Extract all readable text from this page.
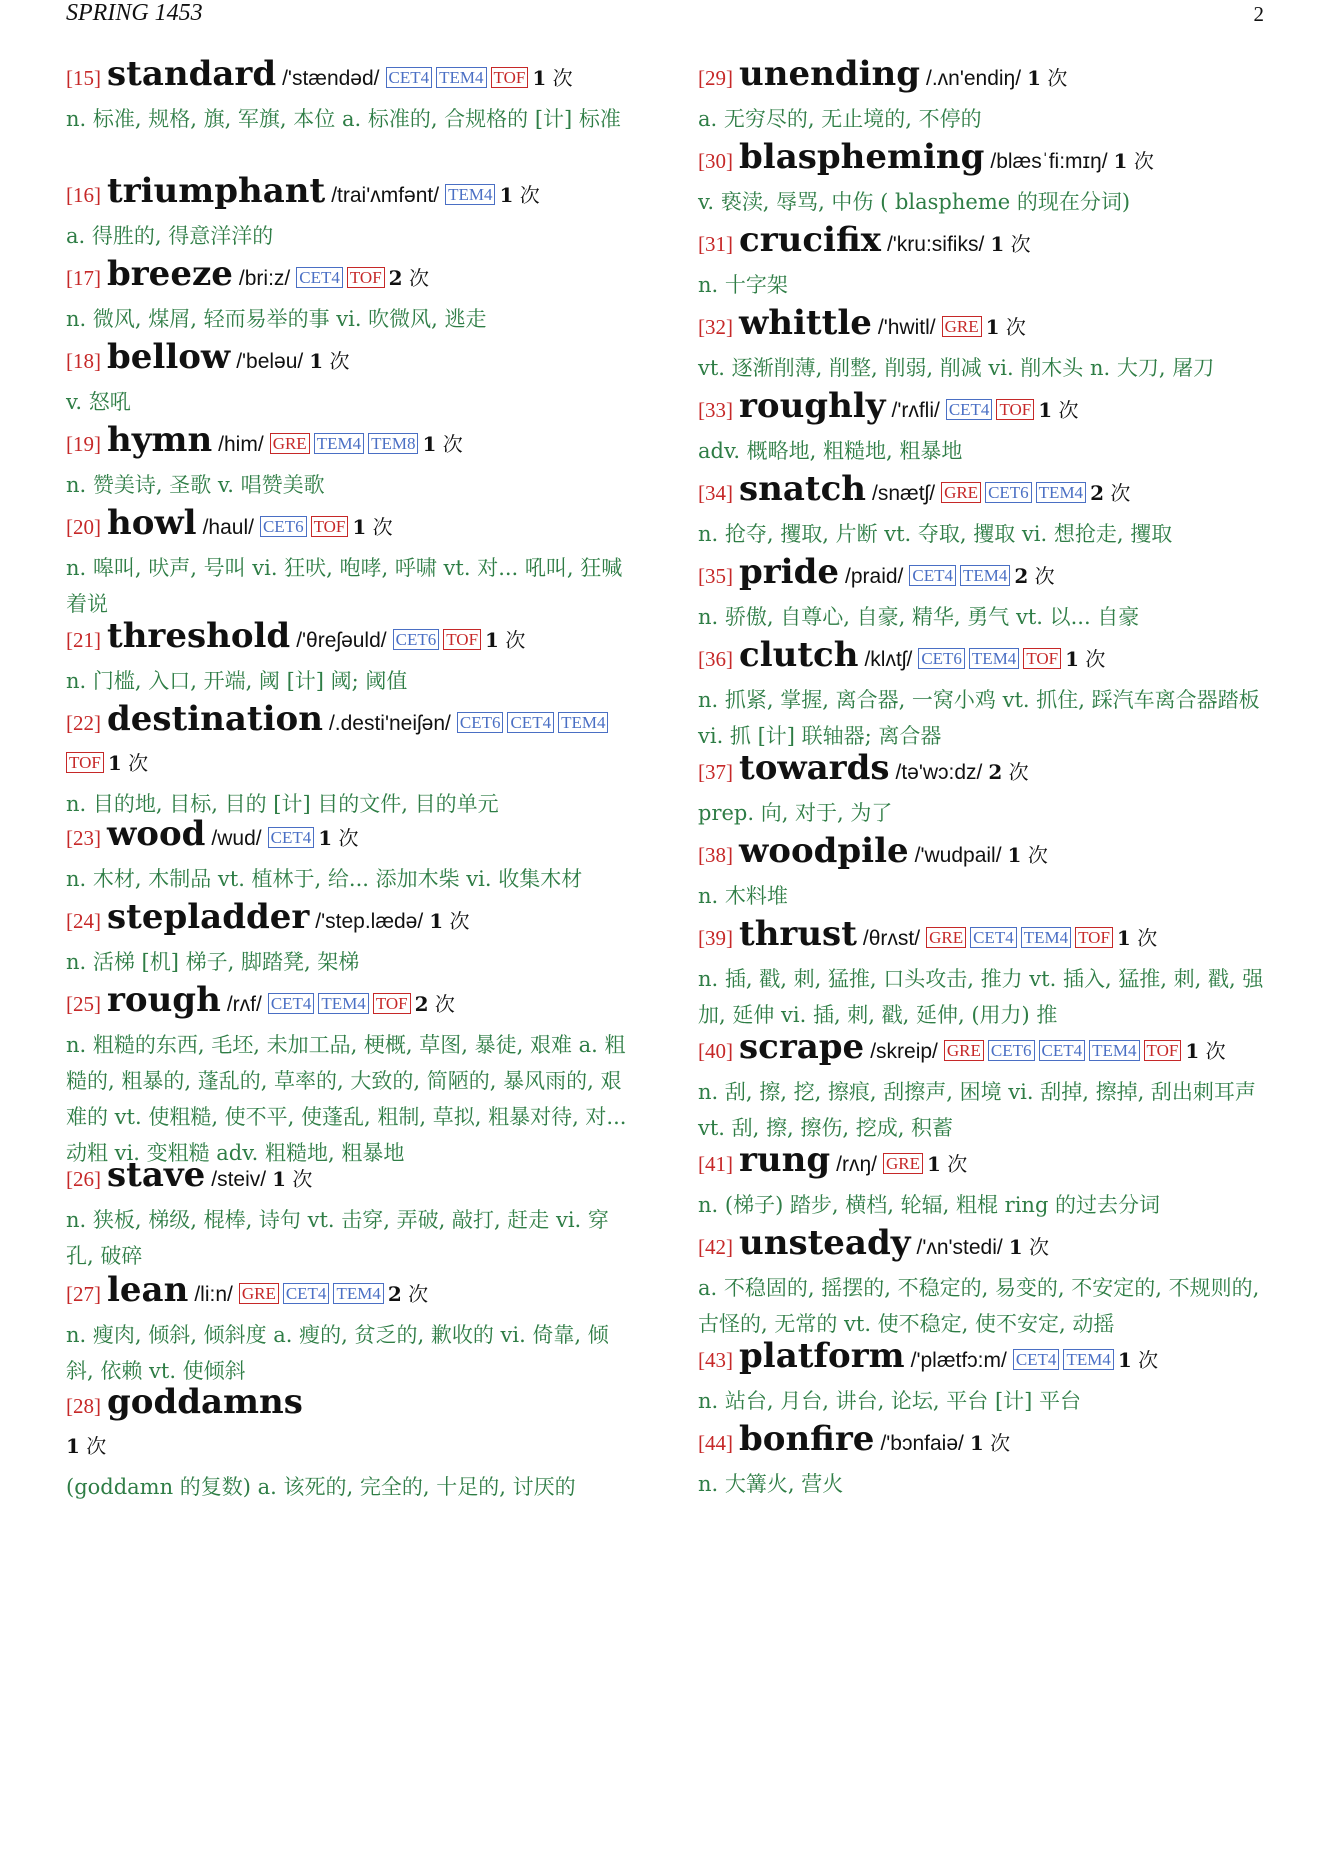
SPRING 1453	2
[15] standard /'stændəd/ CET4 TEM4 TOF 1 次
n. 标准, 规格, 旗, 军旗, 本位 a. 标准的, 合规格的 [计] 标准
[16] triumphant /trai'ʌmfənt/ TEM4 1 次
a. 得胜的, 得意洋洋的
[17] breeze /bri:z/ CET4 TOF 2 次
n. 微风, 煤屑, 轻而易举的事 vi. 吹微风, 逃走
[18] bellow /'beləu/ 1 次
v. 怒吼
[19] hymn /him/ GRE TEM4 TEM8 1 次
n. 赞美诗, 圣歌 v. 唱赞美歌
[20] howl /haul/ CET6 TOF 1 次
n. 嗥叫, 吠声, 号叫 vi. 狂吠, 咆哮, 呼啸 vt. 对... 吼叫, 狂喊着说
[21] threshold /'θreʃəuld/ CET6 TOF 1 次
n. 门槛, 入口, 开端, 阈 [计] 阈; 阈值
[22] destination /.desti'neiʃən/ CET6 CET4 TEM4TOF 1 次
n. 目的地, 目标, 目的 [计] 目的文件, 目的单元
[23] wood /wud/ CET4 1 次
n. 木材, 木制品 vt. 植林于, 给... 添加木柴 vi. 收集木材
[24] stepladder /'step.lædə/ 1 次
n. 活梯 [机] 梯子, 脚踏凳, 架梯
[25] rough /rʌf/ CET4 TEM4 TOF 2 次
n. 粗糙的东西, 毛坯, 未加工品, 梗概, 草图, 暴徒, 艰难 a. 粗糙的, 粗暴的, 蓬乱的, 草率的, 大致的, 简陋的, 暴风雨的, 艰难的 vt. 使粗糙, 使不平, 使蓬乱, 粗制, 草拟, 粗暴对待, 对... 动粗 vi. 变粗糙 adv. 粗糙地, 粗暴地
[26] stave /steiv/ 1 次
n. 狭板, 梯级, 棍棒, 诗句 vt. 击穿, 弄破, 敲打, 赶走 vi. 穿孔, 破碎
[27] lean /li:n/ GRE CET4 TEM4 2 次
n. 瘦肉, 倾斜, 倾斜度 a. 瘦的, 贫乏的, 歉收的 vi. 倚靠, 倾斜, 依赖 vt. 使倾斜
[28] goddamns
1 次
(goddamn 的复数) a. 该死的, 完全的, 十足的, 讨厌的
[29] unending /.ʌn'endiŋ/ 1 次
a. 无穷尽的, 无止境的, 不停的
[30] blaspheming /blæsˈfi:mɪŋ/ 1 次
v. 亵渎, 辱骂, 中伤 ( blaspheme 的现在分词)
[31] crucifix /'kru:sifiks/ 1 次
n. 十字架
[32] whittle /'hwitl/ GRE 1 次
vt. 逐渐削薄, 削整, 削弱, 削减 vi. 削木头 n. 大刀, 屠刀
[33] roughly /'rʌfli/ CET4 TOF 1 次
adv. 概略地, 粗糙地, 粗暴地
[34] snatch /snætʃ/ GRE CET6 TEM4 2 次
n. 抢夺, 攫取, 片断 vt. 夺取, 攫取 vi. 想抢走, 攫取
[35] pride /praid/ CET4 TEM4 2 次
n. 骄傲, 自尊心, 自豪, 精华, 勇气 vt. 以... 自豪
[36] clutch /klʌtʃ/ CET6 TEM4 TOF 1 次
n. 抓紧, 掌握, 离合器, 一窝小鸡 vt. 抓住, 踩汽车离合器踏板 vi. 抓 [计] 联轴器; 离合器
[37] towards /tə'wɔ:dz/ 2 次
prep. 向, 对于, 为了
[38] woodpile /'wudpail/ 1 次
n. 木料堆
[39] thrust /θrʌst/ GRE CET4 TEM4 TOF 1 次
n. 插, 戳, 刺, 猛推, 口头攻击, 推力 vt. 插入, 猛推, 刺, 戳, 强加, 延伸 vi. 插, 刺, 戳, 延伸, (用力) 推
[40] scrape /skreip/ GRE CET6 CET4 TEM4 TOF 1 次
n. 刮, 擦, 挖, 擦痕, 刮擦声, 困境 vi. 刮掉, 擦掉, 刮出刺耳声 vt. 刮, 擦, 擦伤, 挖成, 积蓄
[41] rung /rʌŋ/ GRE 1 次
n. (梯子) 踏步, 横档, 轮辐, 粗棍 ring 的过去分词
[42] unsteady /'ʌn'stedi/ 1 次
a. 不稳固的, 摇摆的, 不稳定的, 易变的, 不安定的, 不规则的, 古怪的, 无常的 vt. 使不稳定, 使不安定, 动摇
[43] platform /'plætfɔ:m/ CET4 TEM4 1 次
n. 站台, 月台, 讲台, 论坛, 平台 [计] 平台
[44] bonfire /'bɔnfaiə/ 1 次
n. 大篝火, 营火
